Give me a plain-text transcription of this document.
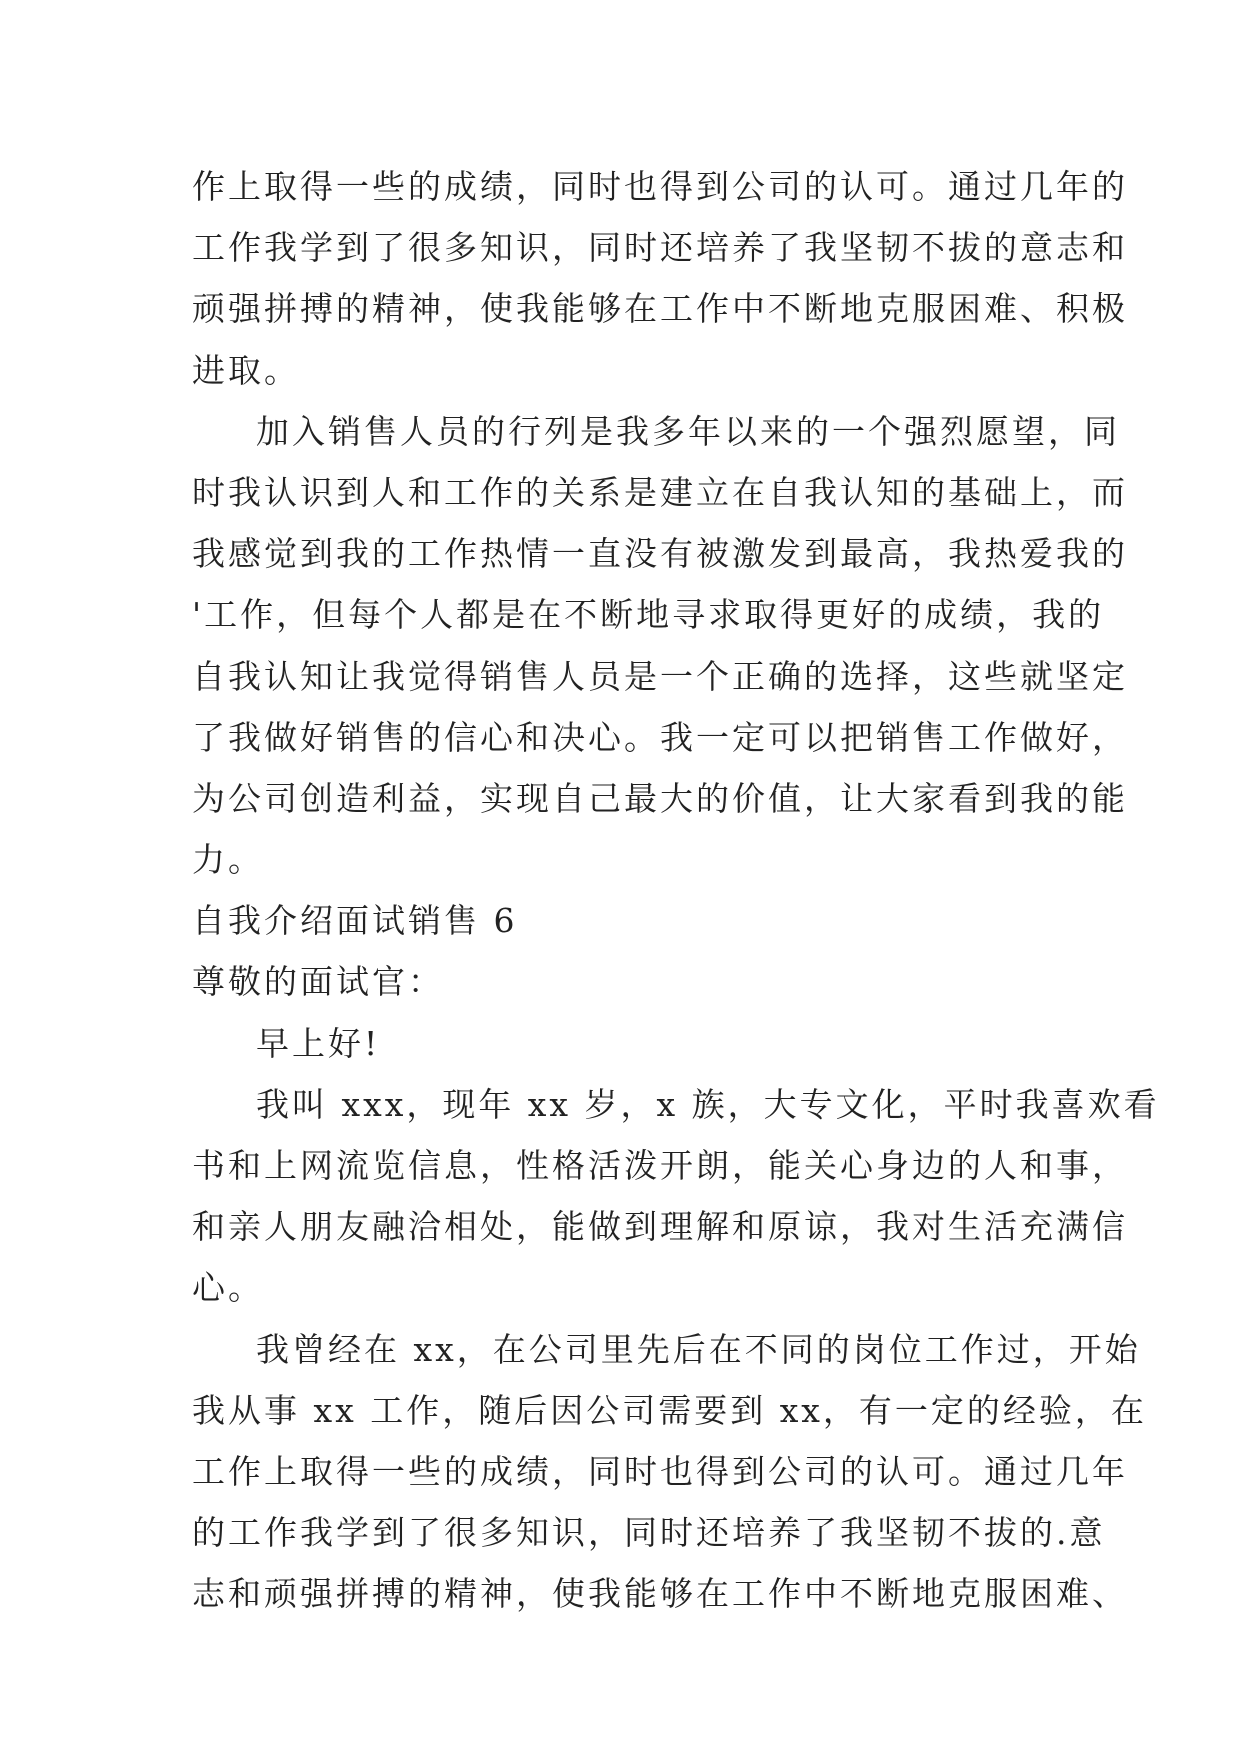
作上取得一些的成绩，同时也得到公司的认可。通过几年的
工作我学到了很多知识，同时还培养了我坚韧不拔的意志和
顽强拼搏的精神，使我能够在工作中不断地克服困难、积极
进取。
加入销售人员的行列是我多年以来的一个强烈愿望，同
时我认识到人和工作的关系是建立在自我认知的基础上，而
我感觉到我的工作热情一直没有被激发到最高，我热爱我的
'工作，但每个人都是在不断地寻求取得更好的成绩，我的
自我认知让我觉得销售人员是一个正确的选择，这些就坚定
了我做好销售的信心和决心。我一定可以把销售工作做好，
为公司创造利益，实现自己最大的价值，让大家看到我的能
力。
自我介绍面试销售 6
尊敬的面试官：
早上好!
我叫 xxx，现年 xx 岁，x 族，大专文化，平时我喜欢看
书和上网流览信息，性格活泼开朗，能关心身边的人和事，
和亲人朋友融洽相处，能做到理解和原谅，我对生活充满信
心。
我曾经在 xx，在公司里先后在不同的岗位工作过，开始
我从事 xx 工作，随后因公司需要到 xx，有一定的经验，在
工作上取得一些的成绩，同时也得到公司的认可。通过几年
的工作我学到了很多知识，同时还培养了我坚韧不拔的.意
志和顽强拼搏的精神，使我能够在工作中不断地克服困难、
